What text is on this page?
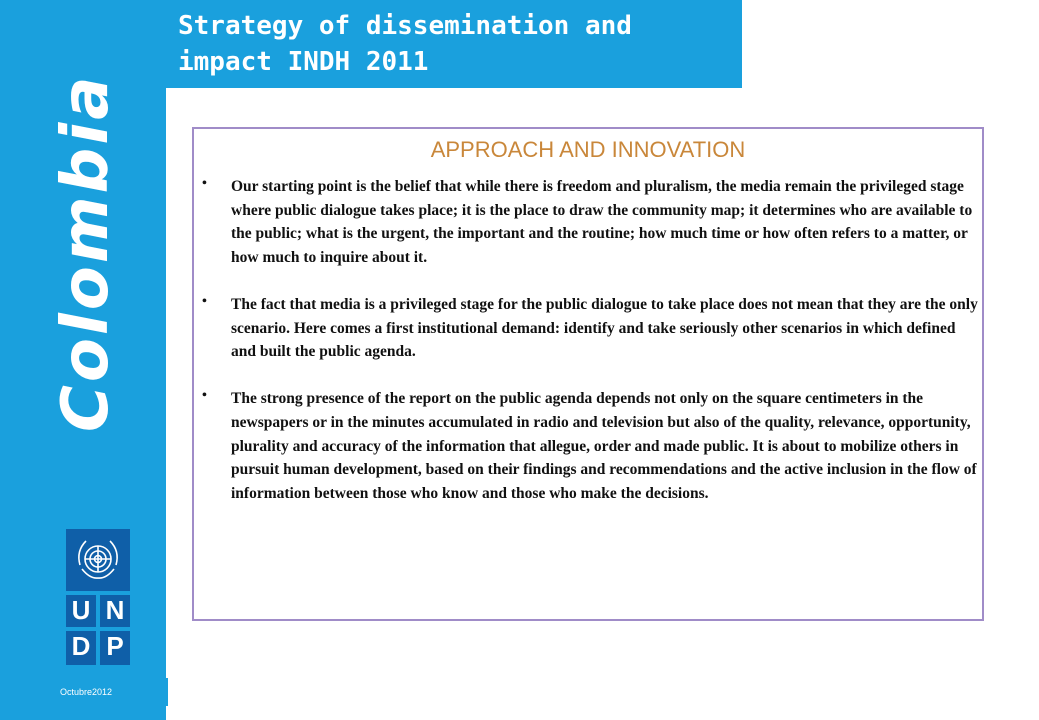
Colombia
U N
D P
Octubre2012
Strategy of dissemination and
impact INDH 2011
APPROACH AND INNOVATION
• Our starting point is the belief that while there is freedom and pluralism, the media remain the privileged stage where public dialogue takes place; it is the place to draw the community map; it determines who are available to the public; what is the urgent, the important and the routine; how much time or how often refers to a matter, or how much to inquire about it.
• The fact that media is a privileged stage for the public dialogue to take place does not mean that they are the only scenario. Here comes a first institutional demand: identify and take seriously other scenarios in which defined and built the public agenda.
• The strong presence of the report on the public agenda depends not only on the square centimeters in the newspapers or in the minutes accumulated in radio and television but also of the quality, relevance, opportunity, plurality and accuracy of the information that allegue, order and made public. It is about to mobilize others in pursuit human development, based on their findings and recommendations and the active inclusion in the flow of information between those who know and those who make the decisions.
